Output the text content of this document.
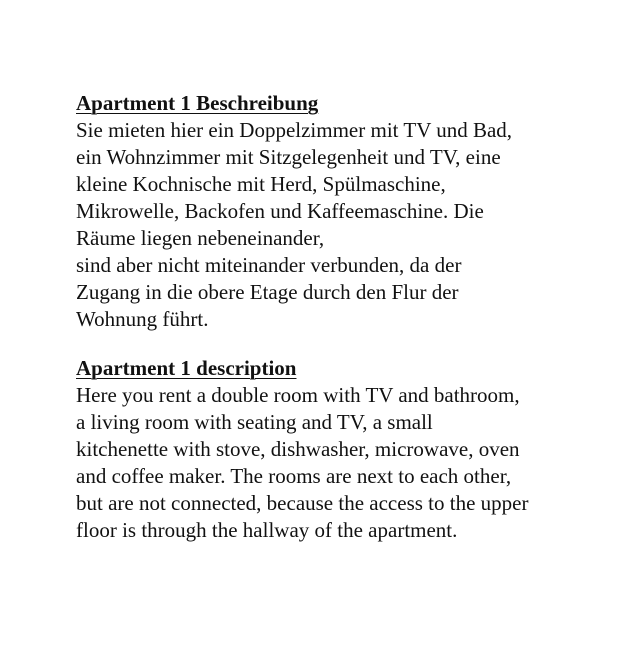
Apartment 1 Beschreibung

Sie mieten hier ein Doppelzimmer mit TV und Bad,

ein Wohnzimmer mit Sitzgelegenheit und TV, eine

kleine Kochnische mit Herd, Spülmaschine,

Mikrowelle, Backofen und Kaffeemaschine. Die

Räume liegen nebeneinander,

sind aber nicht miteinander verbunden, da der

Zugang in die obere Etage durch den Flur der

Wohnung führt.

Apartment 1 description

Here you rent a double room with TV and bathroom,

a living room with seating and TV, a small

kitchenette with stove, dishwasher, microwave, oven

and coffee maker. The rooms are next to each other,

but are not connected, because the access to the upper

floor is through the hallway of the apartment.
